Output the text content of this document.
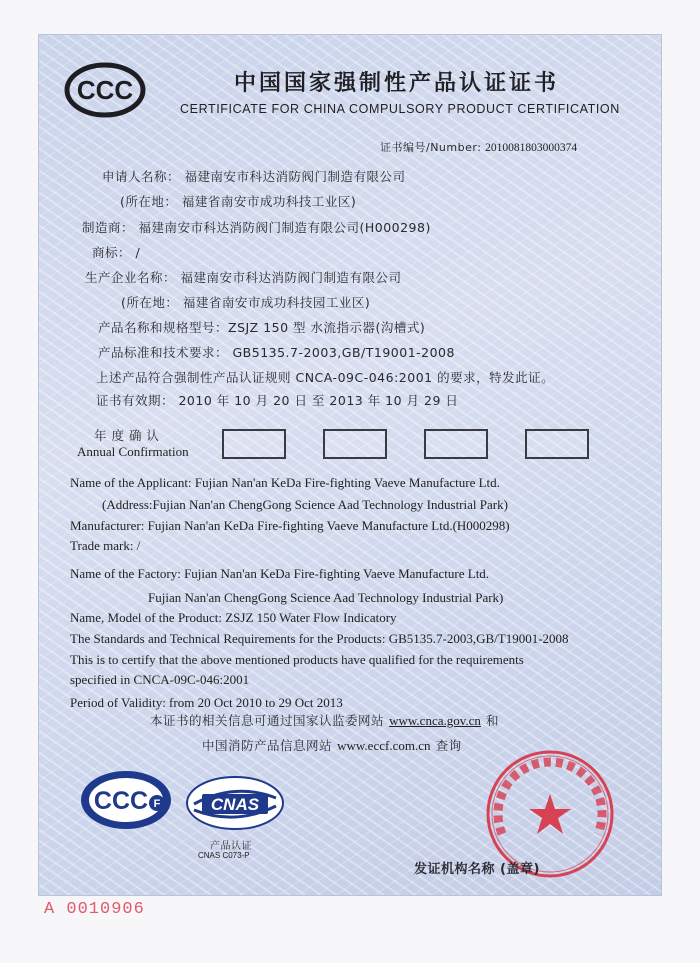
CCC	中国国家强制性产品认证证书
CERTIFICATE FOR CHINA COMPULSORY PRODUCT CERTIFICATION
证书编号/Number: 2010081803000374
申请人名称： 福建南安市科达消防阀门制造有限公司
(所在地： 福建省南安市成功科技工业区)
制造商： 福建南安市科达消防阀门制造有限公司(H000298)
商标： /
生产企业名称： 福建南安市科达消防阀门制造有限公司
(所在地： 福建省南安市成功科技园工业区)
产品名称和规格型号：ZSJZ 150 型 水流指示器(沟槽式)
产品标准和技术要求： GB5135.7-2003,GB/T19001-2008
上述产品符合强制性产品认证规则 CNCA-09C-046:2001 的要求，特发此证。
证书有效期： 2010 年 10 月 20 日 至 2013 年 10 月 29 日
年 度 确 认
Annual Confirmation
Name of the Applicant: Fujian Nan'an KeDa Fire-fighting Vaeve Manufacture Ltd.
(Address:Fujian Nan'an ChengGong Science Aad Technology Industrial Park)
Manufacturer: Fujian Nan'an KeDa Fire-fighting Vaeve Manufacture Ltd.(H000298)
Trade mark: /
Name of the Factory: Fujian Nan'an KeDa Fire-fighting Vaeve Manufacture Ltd.
Fujian Nan'an ChengGong Science Aad Technology Industrial Park)
Name, Model of the Product: ZSJZ 150 Water Flow Indicatory
The Standards and Technical Requirements for the Products: GB5135.7-2003,GB/T19001-2008
This is to certify that the above mentioned products have qualified for the requirements
specified in CNCA-09C-046:2001
Period of Validity: from 20 Oct 2010 to 29 Oct 2013
本证书的相关信息可通过国家认监委网站 www.cnca.gov.cn 和
中国消防产品信息网站 www.eccf.com.cn 查询
CCC F	CNAS
产品认证
CNAS C073-P
发证机构名称 (盖章)
A 0010906
